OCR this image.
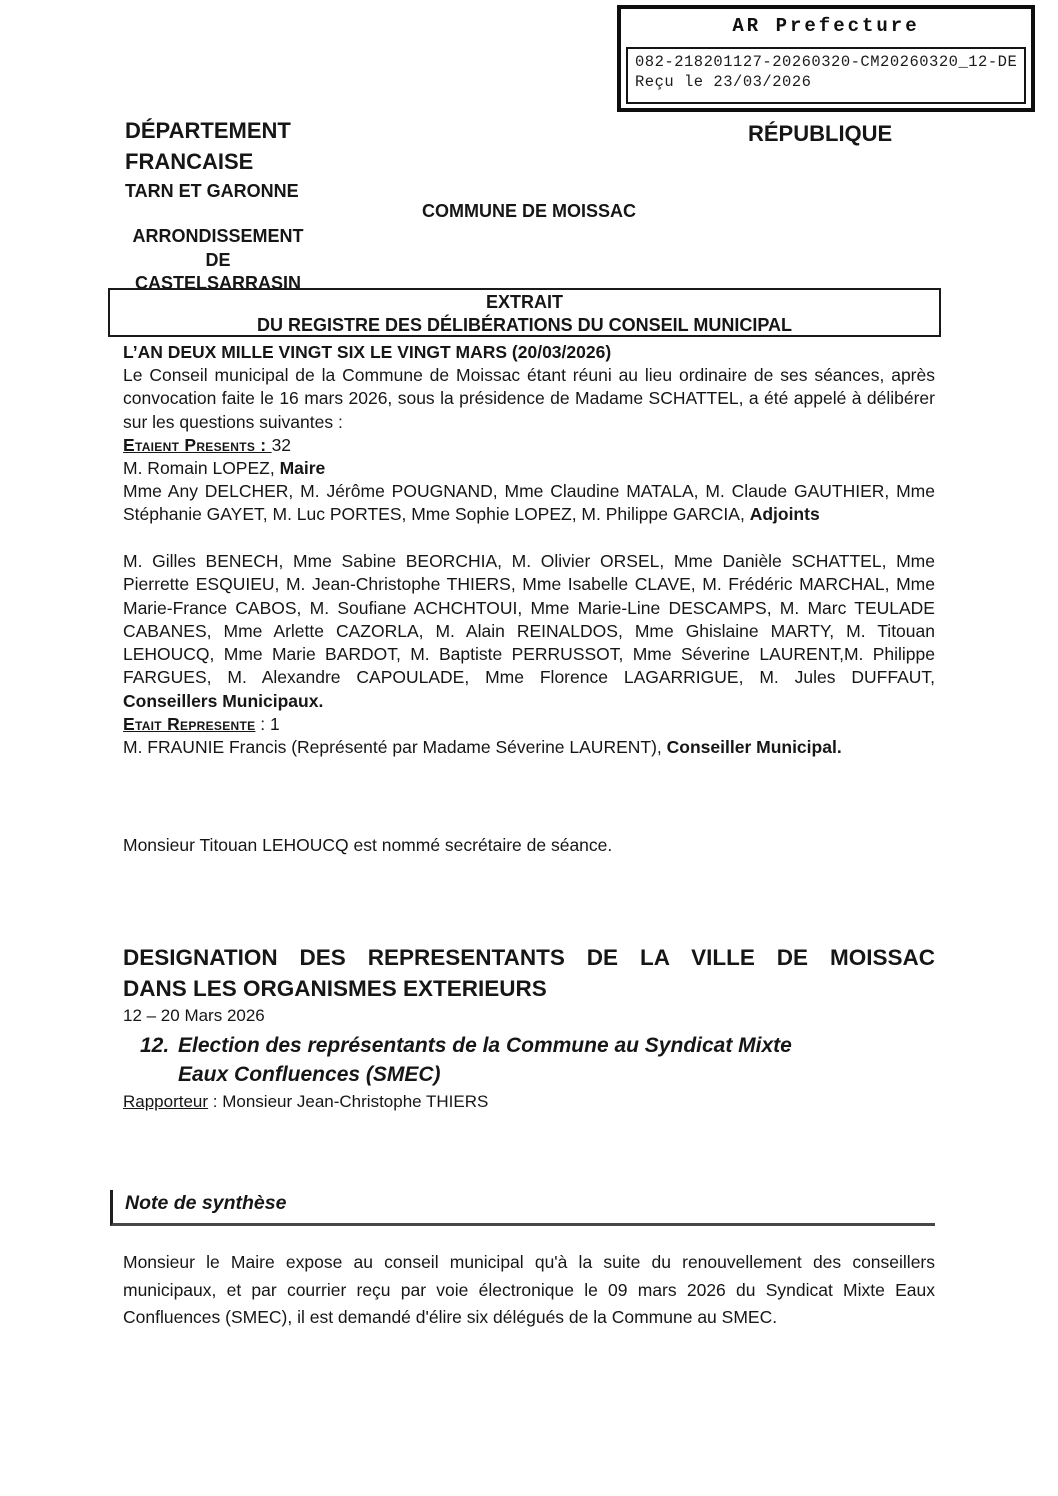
AR Prefecture
082-218201127-20260320-CM20260320_12-DE
Reçu le 23/03/2026
DÉPARTEMENT	RÉPUBLIQUE
FRANCAISE
TARN ET GARONNE
COMMUNE DE MOISSAC
ARRONDISSEMENT
DE
CASTELSARRASIN
EXTRAIT
DU REGISTRE DES DÉLIBÉRATIONS DU CONSEIL MUNICIPAL
L’AN DEUX MILLE VINGT SIX LE VINGT MARS (20/03/2026)
Le Conseil municipal de la Commune de Moissac étant réuni au lieu ordinaire de ses séances, après convocation faite le 16 mars 2026, sous la présidence de Madame SCHATTEL, a été appelé à délibérer sur les questions suivantes :
Etaient Presents : 32
M. Romain LOPEZ, Maire
Mme Any DELCHER, M. Jérôme POUGNAND, Mme Claudine MATALA, M. Claude GAUTHIER, Mme Stéphanie GAYET, M. Luc PORTES, Mme Sophie LOPEZ, M. Philippe GARCIA, Adjoints
M. Gilles BENECH, Mme Sabine BEORCHIA, M. Olivier ORSEL, Mme Danièle SCHATTEL, Mme Pierrette ESQUIEU, M. Jean-Christophe THIERS, Mme Isabelle CLAVE, M. Frédéric MARCHAL, Mme Marie-France CABOS, M. Soufiane ACHCHTOUI, Mme Marie-Line DESCAMPS, M. Marc TEULADE CABANES, Mme Arlette CAZORLA, M. Alain REINALDOS, Mme Ghislaine MARTY, M. Titouan LEHOUCQ, Mme Marie BARDOT, M. Baptiste PERRUSSOT, Mme Séverine LAURENT,M. Philippe FARGUES, M. Alexandre CAPOULADE, Mme Florence LAGARRIGUE, M. Jules DUFFAUT, Conseillers Municipaux.
Etait Represente : 1
M. FRAUNIE Francis (Représenté par Madame Séverine LAURENT), Conseiller Municipal.
Monsieur Titouan LEHOUCQ est nommé secrétaire de séance.
DESIGNATION DES REPRESENTANTS DE LA VILLE DE MOISSAC
DANS LES ORGANISMES EXTERIEURS
12 – 20 Mars 2026
12. Election des représentants de la Commune au Syndicat Mixte
Eaux Confluences (SMEC)
Rapporteur : Monsieur Jean-Christophe THIERS
Note de synthèse
Monsieur le Maire expose au conseil municipal qu'à la suite du renouvellement des conseillers municipaux, et par courrier reçu par voie électronique le 09 mars 2026 du Syndicat Mixte Eaux Confluences (SMEC), il est demandé d'élire six délégués de la Commune au SMEC.
